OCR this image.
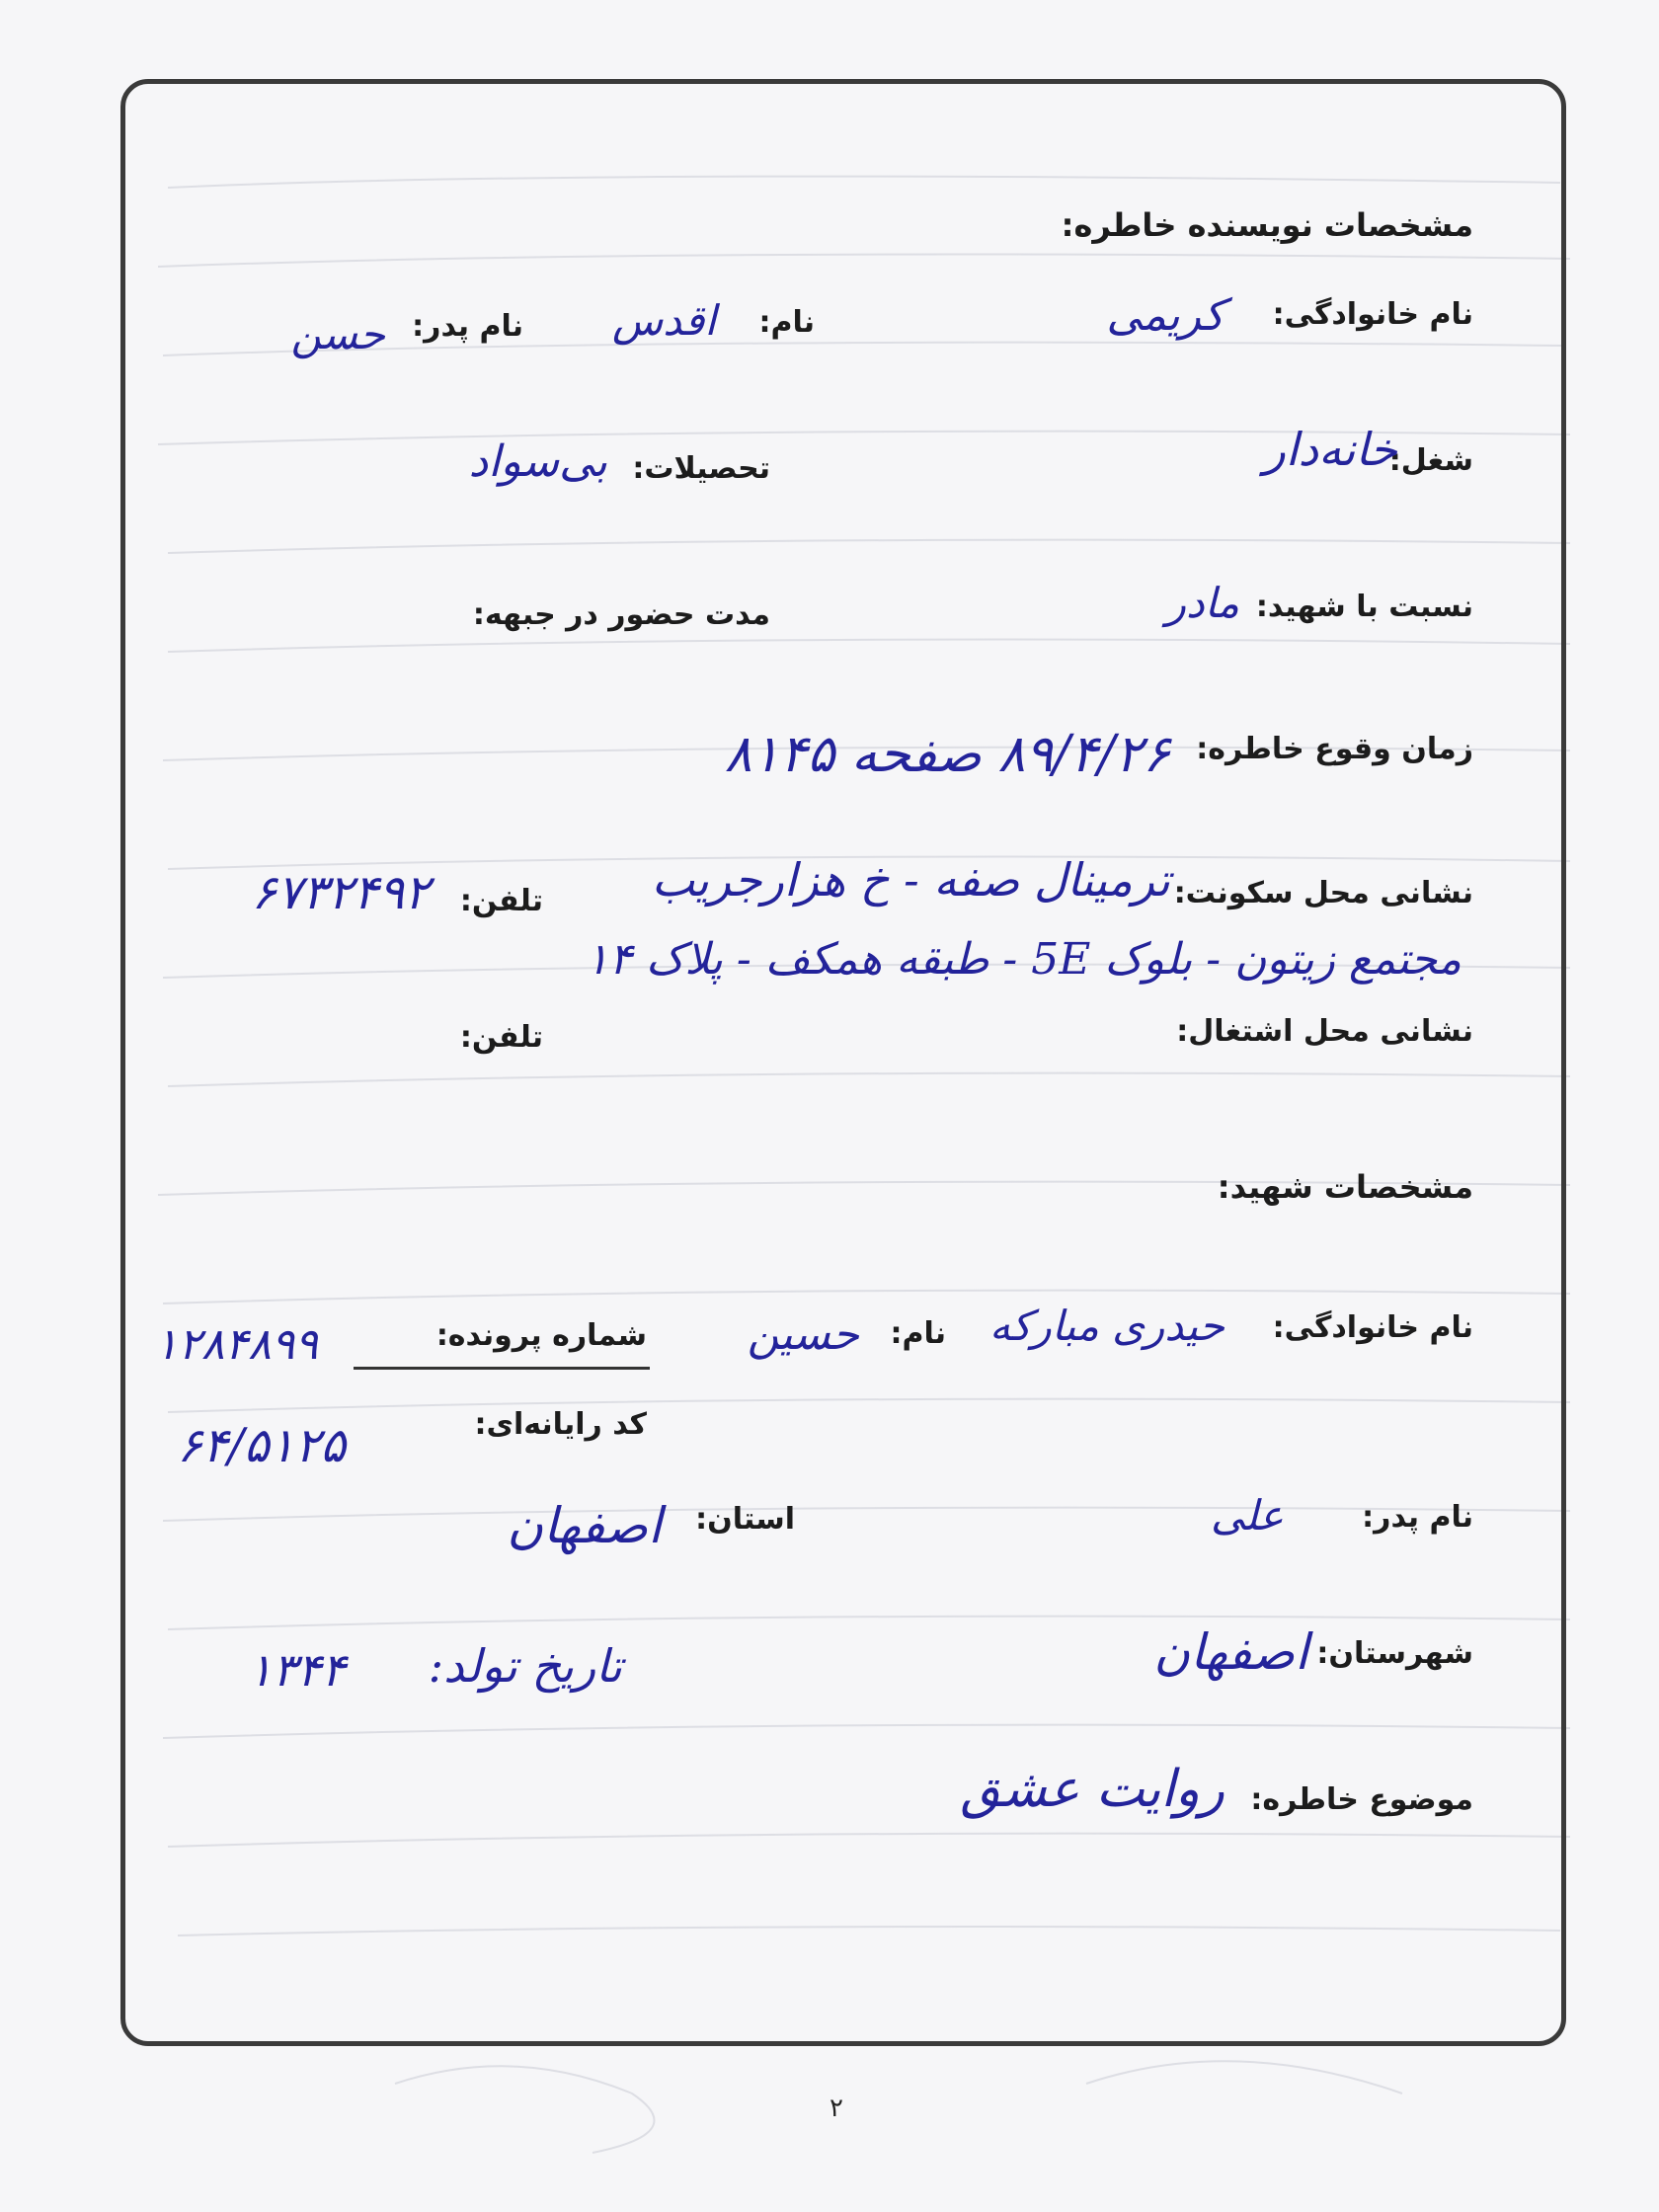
مشخصات نویسنده خاطره:
نام خانوادگی:
کریمی
نام:
اقدس
نام پدر:
حسن
شغل:
خانه‌دار
تحصیلات:
بی‌سواد
نسبت با شهید:
مادر
مدت حضور در جبهه:
زمان وقوع خاطره:
۸۹/۴/۲۶ صفحه ۸۱۴۵
نشانی محل سکونت:
ترمینال صفه - خ هزارجریب
تلفن:
۶۷۳۲۴۹۲
مجتمع زیتون - بلوک 5E - طبقه همکف - پلاک ۱۴
نشانی محل اشتغال:
تلفن:
مشخصات شهید:
نام خانوادگی:
حیدری مبارکه
نام:
حسین
شماره پرونده:
۱۲۸۴۸۹۹
کد رایانه‌ای:
۶۴/۵۱۲۵
نام پدر:
علی
استان:
اصفهان
شهرستان:
اصفهان
تاریخ تولد:
۱۳۴۴
موضوع خاطره:
روایت عشق
۲
